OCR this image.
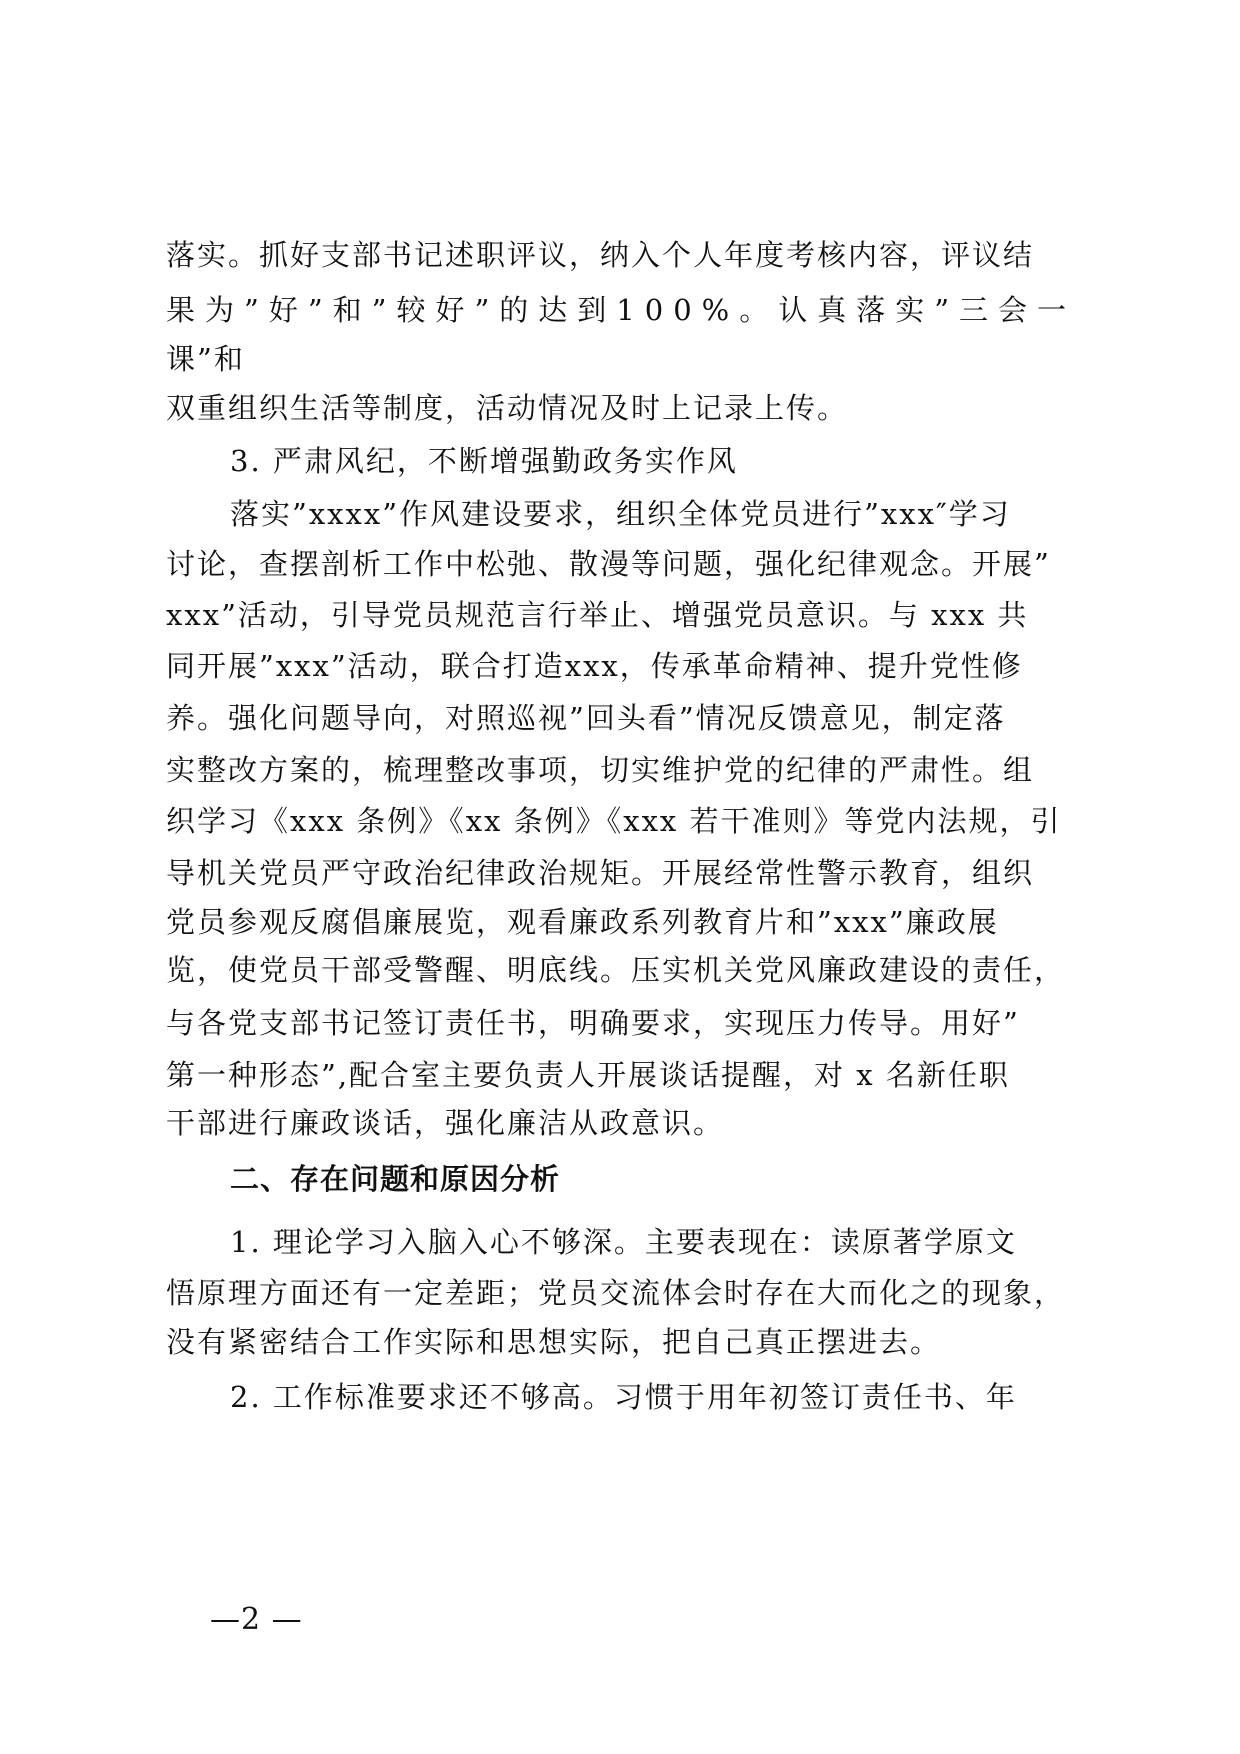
落实。抓好支部书记述职评议，纳入个人年度考核内容，评议结
果为”好”和”较好”的达到100%。认真落实”三会一
课”和
双重组织生活等制度，活动情况及时上记录上传。
3. 严肃风纪，不断增强勤政务实作风
落实”xxxx”作风建设要求，组织全体党员进行”xxx″学习
讨论，查摆剖析工作中松弛、散漫等问题，强化纪律观念。开展”
xxx”活动，引导党员规范言行举止、增强党员意识。与 xxx 共
同开展”xxx”活动，联合打造xxx，传承革命精神、提升党性修
养。强化问题导向，对照巡视”回头看”情况反馈意见，制定落
实整改方案的，梳理整改事项，切实维护党的纪律的严肃性。组
织学习《xxx 条例》《xx 条例》《xxx 若干准则》等党内法规，引
导机关党员严守政治纪律政治规矩。开展经常性警示教育，组织
党员参观反腐倡廉展览，观看廉政系列教育片和”xxx”廉政展
览，使党员干部受警醒、明底线。压实机关党风廉政建设的责任，
与各党支部书记签订责任书，明确要求，实现压力传导。用好”
第一种形态”,配合室主要负责人开展谈话提醒，对 x 名新任职
干部进行廉政谈话，强化廉洁从政意识。
二、存在问题和原因分析
1. 理论学习入脑入心不够深。主要表现在：读原著学原文
悟原理方面还有一定差距；党员交流体会时存在大而化之的现象，
没有紧密结合工作实际和思想实际，把自己真正摆进去。
2. 工作标准要求还不够高。习惯于用年初签订责任书、年
—2 —
